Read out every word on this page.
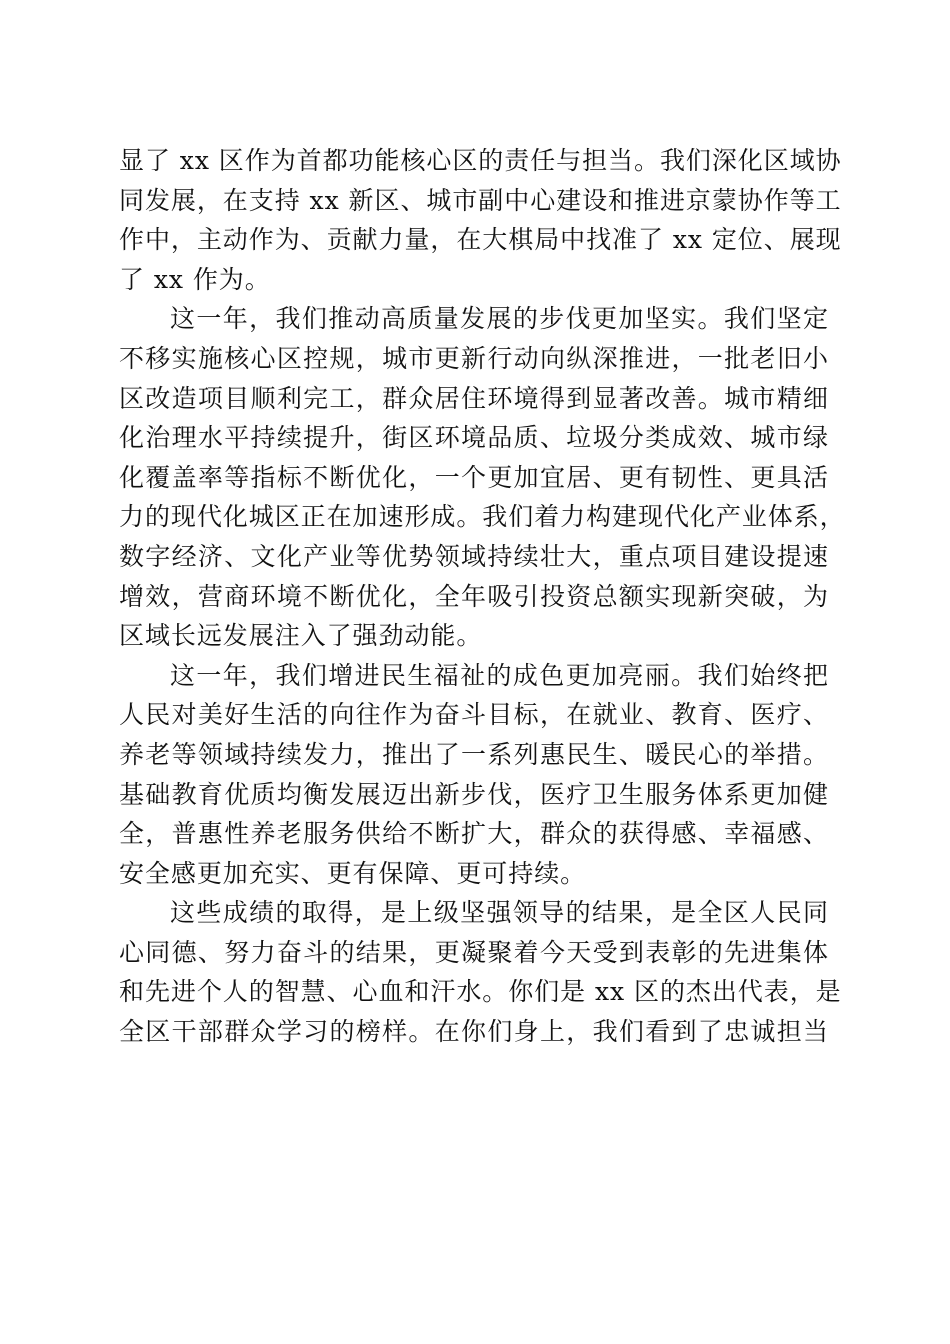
显了 xx 区作为首都功能核心区的责任与担当。我们深化区域协
同发展，在支持 xx 新区、城市副中心建设和推进京蒙协作等工
作中，主动作为、贡献力量，在大棋局中找准了 xx 定位、展现
了 xx 作为。
这一年，我们推动高质量发展的步伐更加坚实。我们坚定
不移实施核心区控规，城市更新行动向纵深推进，一批老旧小
区改造项目顺利完工，群众居住环境得到显著改善。城市精细
化治理水平持续提升，街区环境品质、垃圾分类成效、城市绿
化覆盖率等指标不断优化，一个更加宜居、更有韧性、更具活
力的现代化城区正在加速形成。我们着力构建现代化产业体系，
数字经济、文化产业等优势领域持续壮大，重点项目建设提速
增效，营商环境不断优化，全年吸引投资总额实现新突破，为
区域长远发展注入了强劲动能。
这一年，我们增进民生福祉的成色更加亮丽。我们始终把
人民对美好生活的向往作为奋斗目标，在就业、教育、医疗、
养老等领域持续发力，推出了一系列惠民生、暖民心的举措。
基础教育优质均衡发展迈出新步伐，医疗卫生服务体系更加健
全，普惠性养老服务供给不断扩大，群众的获得感、幸福感、
安全感更加充实、更有保障、更可持续。
这些成绩的取得，是上级坚强领导的结果，是全区人民同
心同德、努力奋斗的结果，更凝聚着今天受到表彰的先进集体
和先进个人的智慧、心血和汗水。你们是 xx 区的杰出代表，是
全区干部群众学习的榜样。在你们身上，我们看到了忠诚担当
